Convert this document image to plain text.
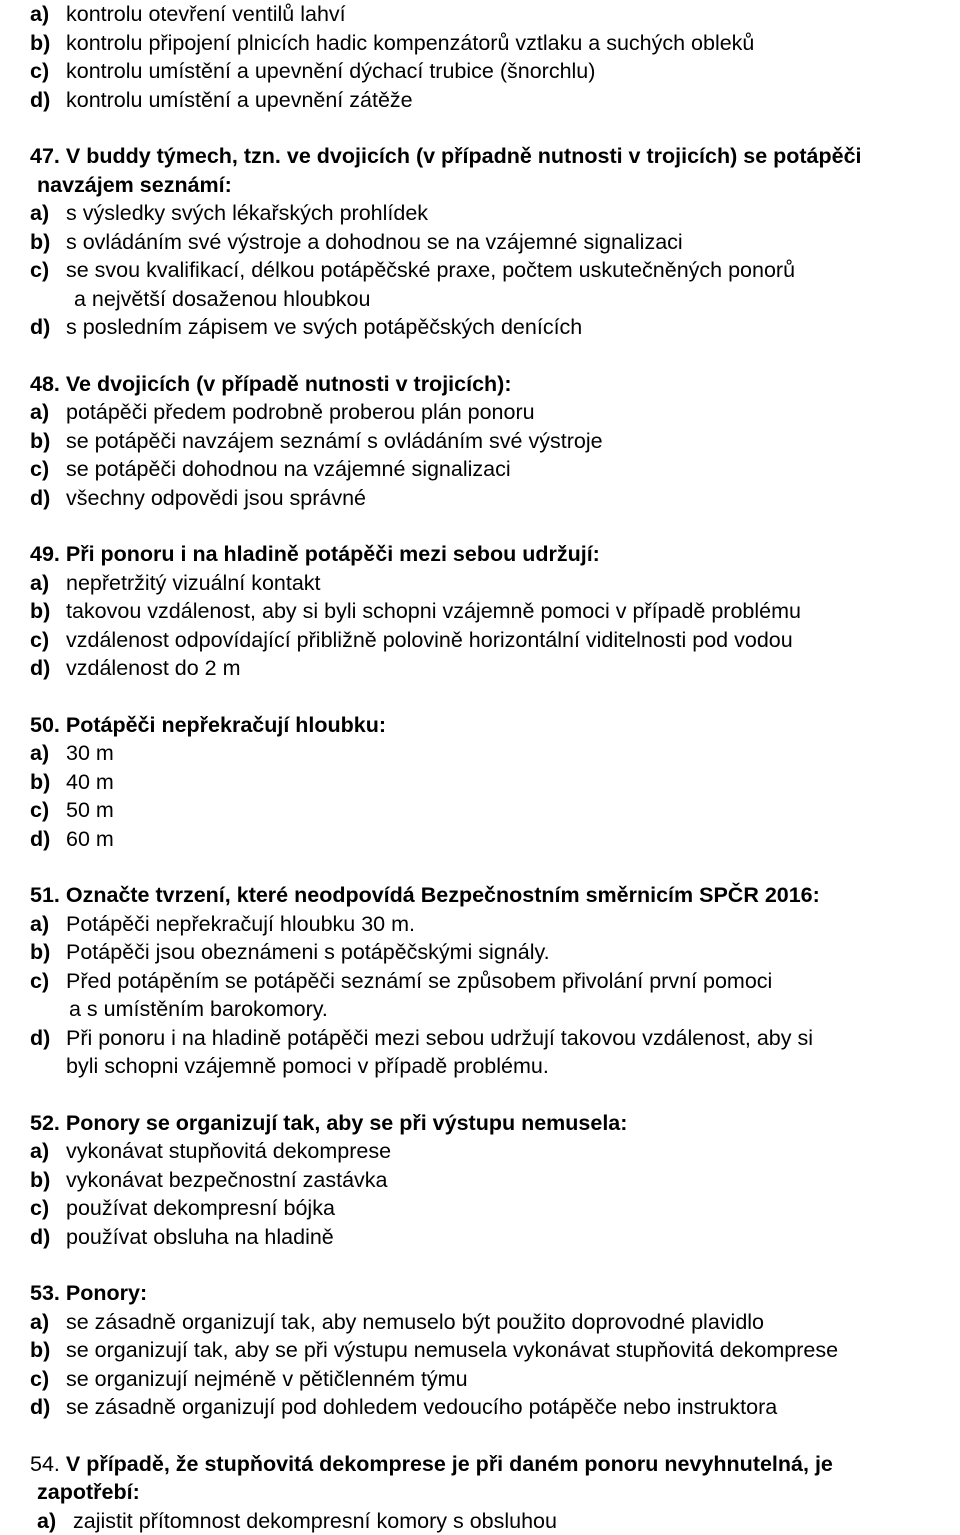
a) kontrolu otevření ventilů lahví
b) kontrolu připojení plnicích hadic kompenzátorů vztlaku a suchých obleků
c) kontrolu umístění a upevnění dýchací trubice (šnorchlu)
d) kontrolu umístění a upevnění zátěže
47. V buddy týmech, tzn. ve dvojicích (v případně nutnosti v trojicích) se potápěči
navzájem seznámí:
a) s výsledky svých lékařských prohlídek
b) s ovládáním své výstroje a dohodnou se na vzájemné signalizaci
c) se svou kvalifikací, délkou potápěčské praxe, počtem uskutečněných ponorů
a největší dosaženou hloubkou
d) s posledním zápisem ve svých potápěčských denících
48. Ve dvojicích (v případě nutnosti v trojicích):
a) potápěči předem podrobně proberou plán ponoru
b) se potápěči navzájem seznámí s ovládáním své výstroje
c) se potápěči dohodnou na vzájemné signalizaci
d) všechny odpovědi jsou správné
49. Při ponoru i na hladině potápěči mezi sebou udržují:
a) nepřetržitý vizuální kontakt
b) takovou vzdálenost, aby si byli schopni vzájemně pomoci v případě problému
c) vzdálenost odpovídající přibližně polovině horizontální viditelnosti pod vodou
d) vzdálenost do 2 m
50. Potápěči nepřekračují hloubku:
a) 30 m
b) 40 m
c) 50 m
d) 60 m
51. Označte tvrzení, které neodpovídá Bezpečnostním směrnicím SPČR 2016:
a) Potápěči nepřekračují hloubku 30 m.
b) Potápěči jsou obeznámeni s potápěčskými signály.
c) Před potápěním se potápěči seznámí se způsobem přivolání první pomoci
a s umístěním barokomory.
d) Při ponoru i na hladině potápěči mezi sebou udržují takovou vzdálenost, aby si
byli schopni vzájemně pomoci v případě problému.
52. Ponory se organizují tak, aby se při výstupu nemusela:
a) vykonávat stupňovitá dekomprese
b) vykonávat bezpečnostní zastávka
c) používat dekompresní bójka
d) používat obsluha na hladině
53. Ponory:
a) se zásadně organizují tak, aby nemuselo být použito doprovodné plavidlo
b) se organizují tak, aby se při výstupu nemusela vykonávat stupňovitá dekomprese
c) se organizují nejméně v pětičlenném týmu
d) se zásadně organizují pod dohledem vedoucího potápěče nebo instruktora
54. V případě, že stupňovitá dekomprese je při daném ponoru nevyhnutelná, je
zapotřebí:
a) zajistit přítomnost dekompresní komory s obsluhou
